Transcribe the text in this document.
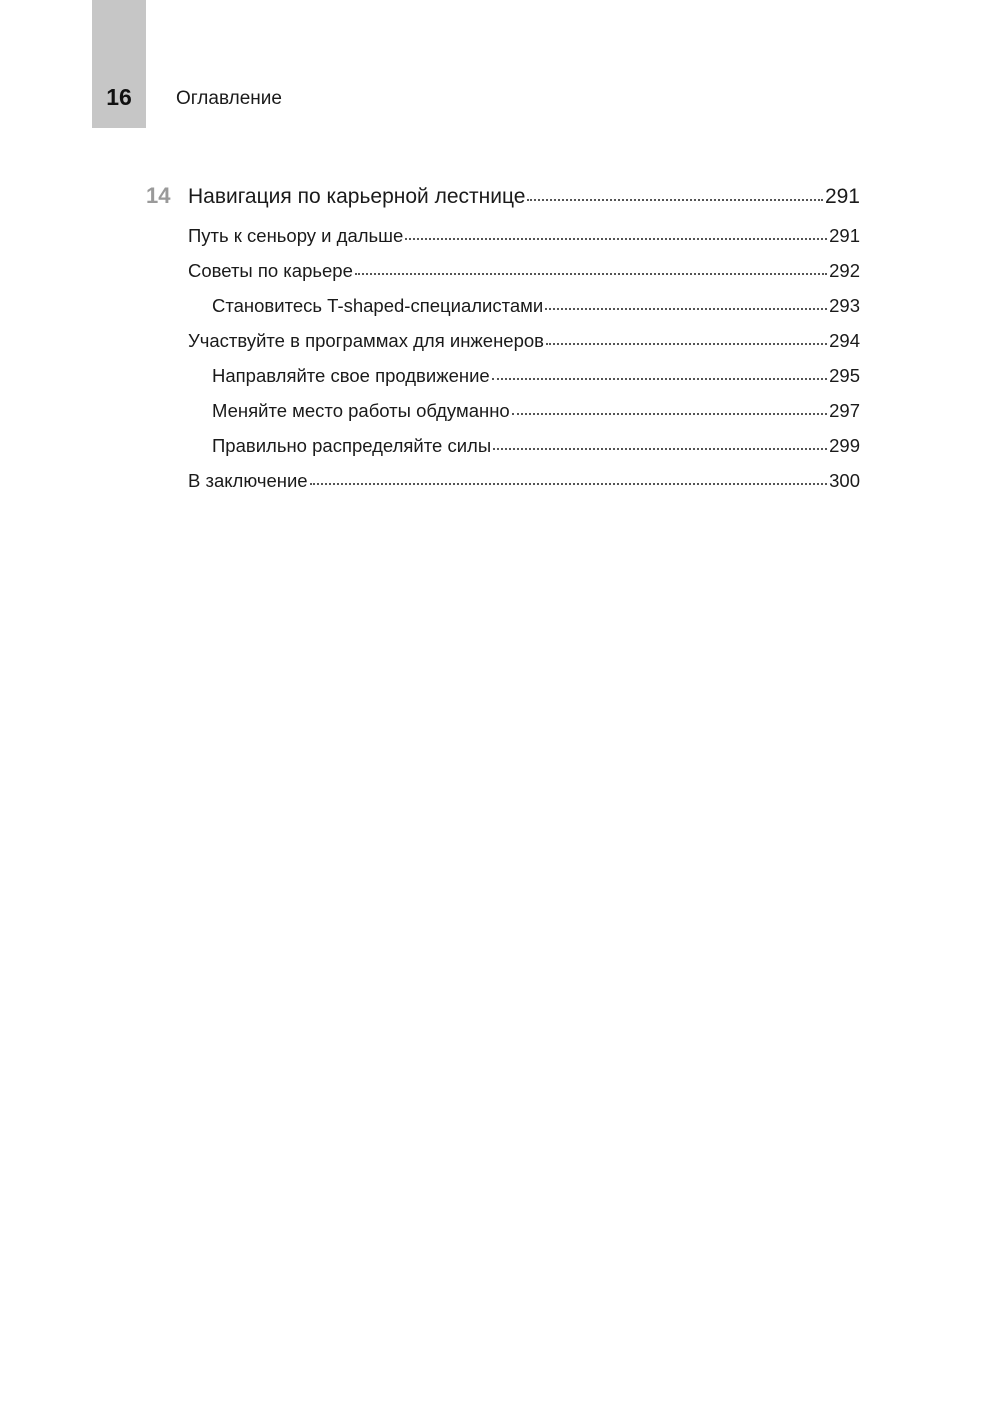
16	Оглавление
14 Навигация по карьерной лестнице	291
Путь к сеньору и дальше	291
Советы по карьере	292
Становитесь T-shaped-специалистами	293
Участвуйте в программах для инженеров	294
Направляйте свое продвижение	295
Меняйте место работы обдуманно	297
Правильно распределяйте силы	299
В заключение	300
